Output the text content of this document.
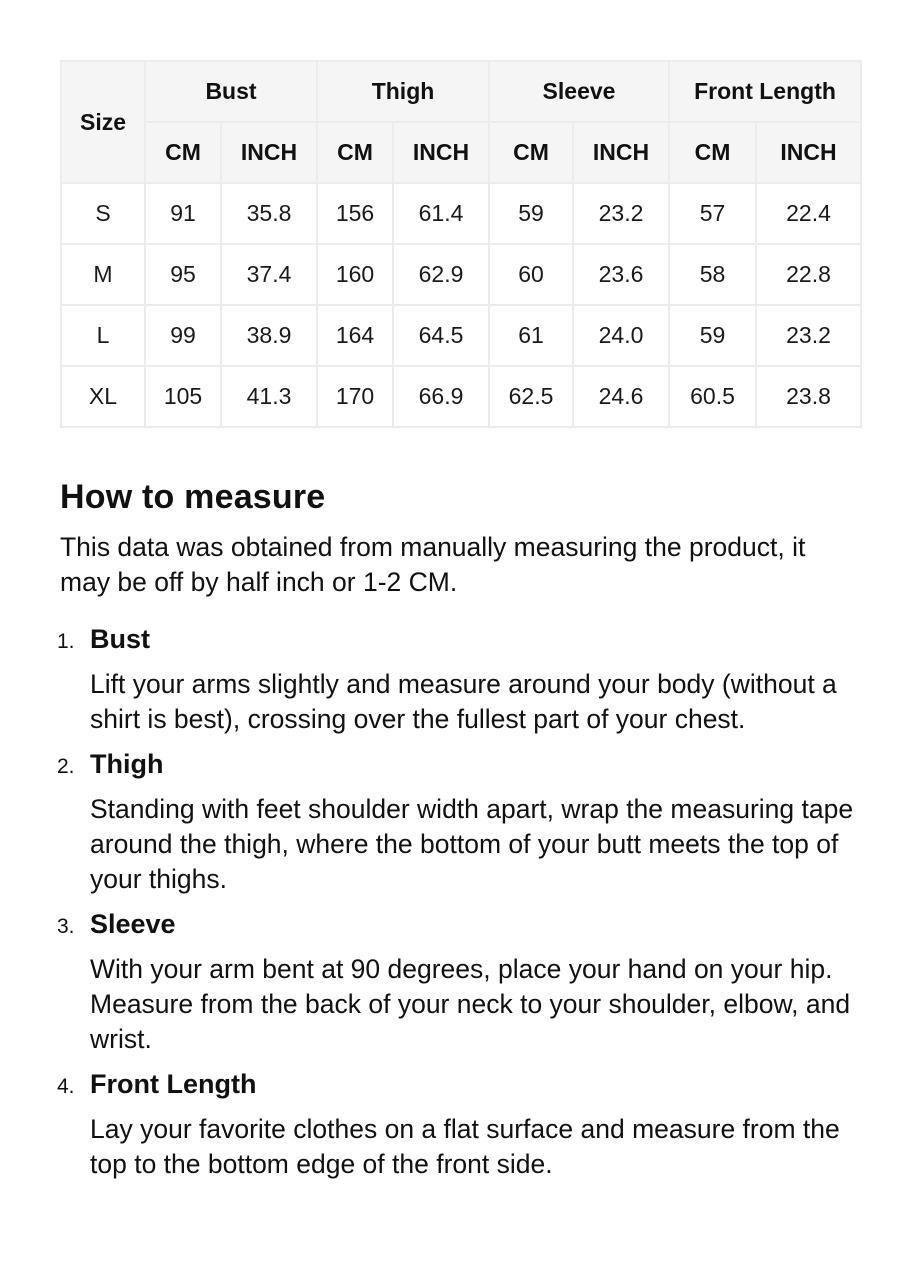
Size	Bust		Thigh		Sleeve		Front Length	
	CM	INCH	CM	INCH	CM	INCH	CM	INCH
S	91	35.8	156	61.4	59	23.2	57	22.4
M	95	37.4	160	62.9	60	23.6	58	22.8
L	99	38.9	164	64.5	61	24.0	59	23.2
XL	105	41.3	170	66.9	62.5	24.6	60.5	23.8
How to measure

This data was obtained from manually measuring the product, it may be off by half inch or 1-2 CM.

1. Bust

Lift your arms slightly and measure around your body (without a shirt is best), crossing over the fullest part of your chest.

2. Thigh

Standing with feet shoulder width apart, wrap the measuring tape around the thigh, where the bottom of your butt meets the top of your thighs.

3. Sleeve

With your arm bent at 90 degrees, place your hand on your hip. Measure from the back of your neck to your shoulder, elbow, and wrist.

4. Front Length

Lay your favorite clothes on a flat surface and measure from the top to the bottom edge of the front side.
